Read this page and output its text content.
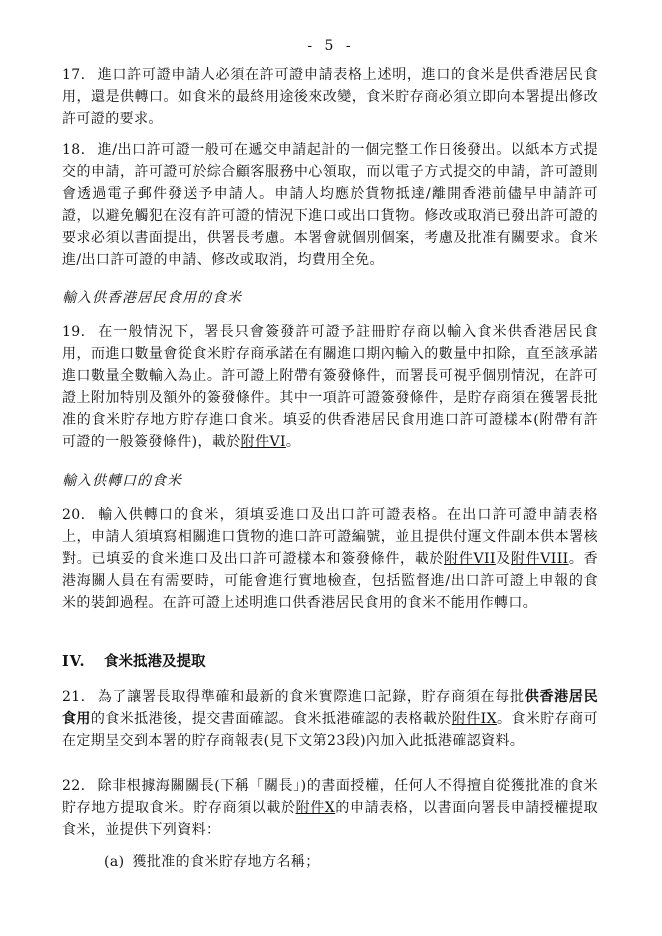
- 5 -
17. 進口許可證申請人必須在許可證申請表格上述明，進口的食米是供香港居民食用，還是供轉口。如食米的最終用途後來改變，食米貯存商必須立即向本署提出修改許可證的要求。
18. 進/出口許可證一般可在遞交申請起計的一個完整工作日後發出。以紙本方式提交的申請，許可證可於綜合顧客服務中心領取，而以電子方式提交的申請，許可證則會透過電子郵件發送予申請人。申請人均應於貨物抵達/離開香港前儘早申請許可證，以避免觸犯在沒有許可證的情況下進口或出口貨物。修改或取消已發出許可證的要求必須以書面提出，供署長考慮。本署會就個別個案，考慮及批准有關要求。食米進/出口許可證的申請、修改或取消，均費用全免。
輸入供香港居民食用的食米
19. 在一般情況下，署長只會簽發許可證予註冊貯存商以輸入食米供香港居民食用，而進口數量會從食米貯存商承諾在有關進口期內輸入的數量中扣除，直至該承諾進口數量全數輸入為止。許可證上附帶有簽發條件，而署長可視乎個別情況，在許可證上附加特別及額外的簽發條件。其中一項許可證簽發條件，是貯存商須在獲署長批准的食米貯存地方貯存進口食米。填妥的供香港居民食用進口許可證樣本(附帶有許可證的一般簽發條件)，載於附件VI。
輸入供轉口的食米
20. 輸入供轉口的食米，須填妥進口及出口許可證表格。在出口許可證申請表格上，申請人須填寫相關進口貨物的進口許可證編號，並且提供付運文件副本供本署核對。已填妥的食米進口及出口許可證樣本和簽發條件，載於附件VII及附件VIII。香港海關人員在有需要時，可能會進行實地檢查，包括監督進/出口許可證上申報的食米的裝卸過程。在許可證上述明進口供香港居民食用的食米不能用作轉口。
IV. 食米抵港及提取
21. 為了讓署長取得準確和最新的食米實際進口記錄，貯存商須在每批供香港居民食用的食米抵港後，提交書面確認。食米抵港確認的表格載於附件IX。食米貯存商可在定期呈交到本署的貯存商報表(見下文第23段)內加入此抵港確認資料。
22. 除非根據海關關長(下稱「關長」)的書面授權，任何人不得擅自從獲批准的食米貯存地方提取食米。貯存商須以載於附件X的申請表格，以書面向署長申請授權提取食米，並提供下列資料：
(a) 獲批准的食米貯存地方名稱；
